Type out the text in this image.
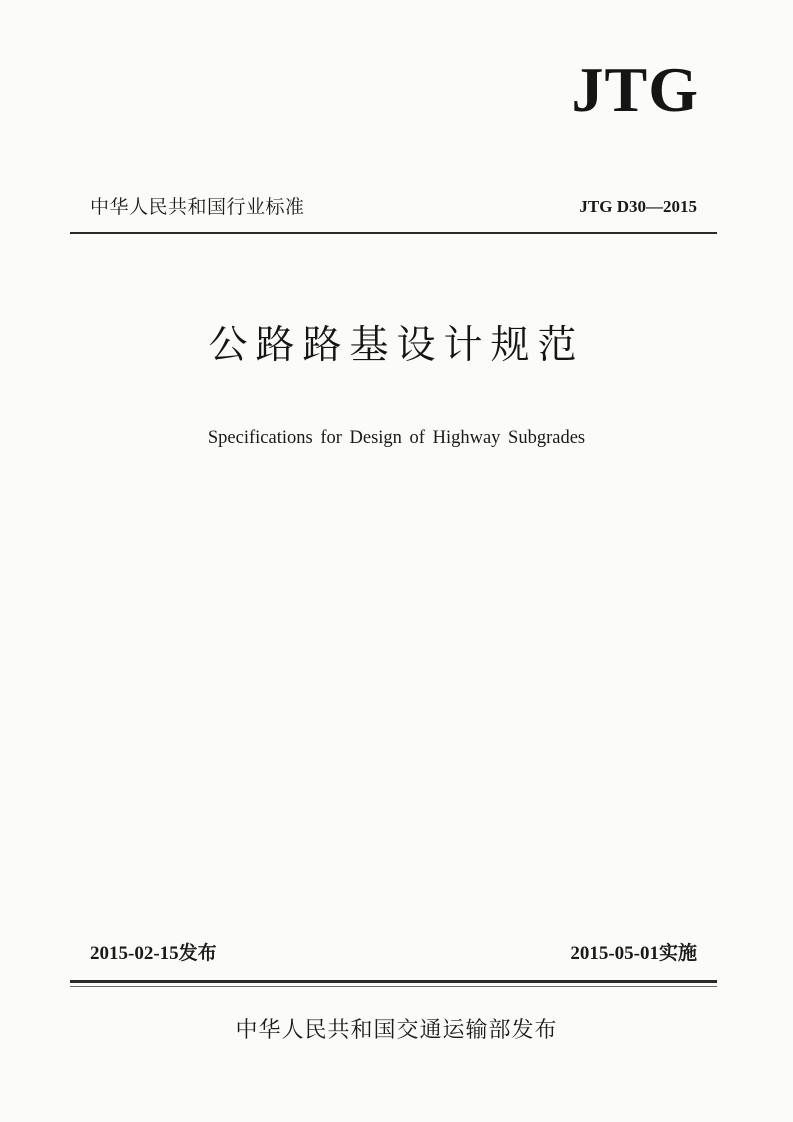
JTG
中华人民共和国行业标准	JTG D30—2015
公路路基设计规范
Specifications for Design of Highway Subgrades
2015-02-15发布	2015-05-01实施
中华人民共和国交通运输部发布
